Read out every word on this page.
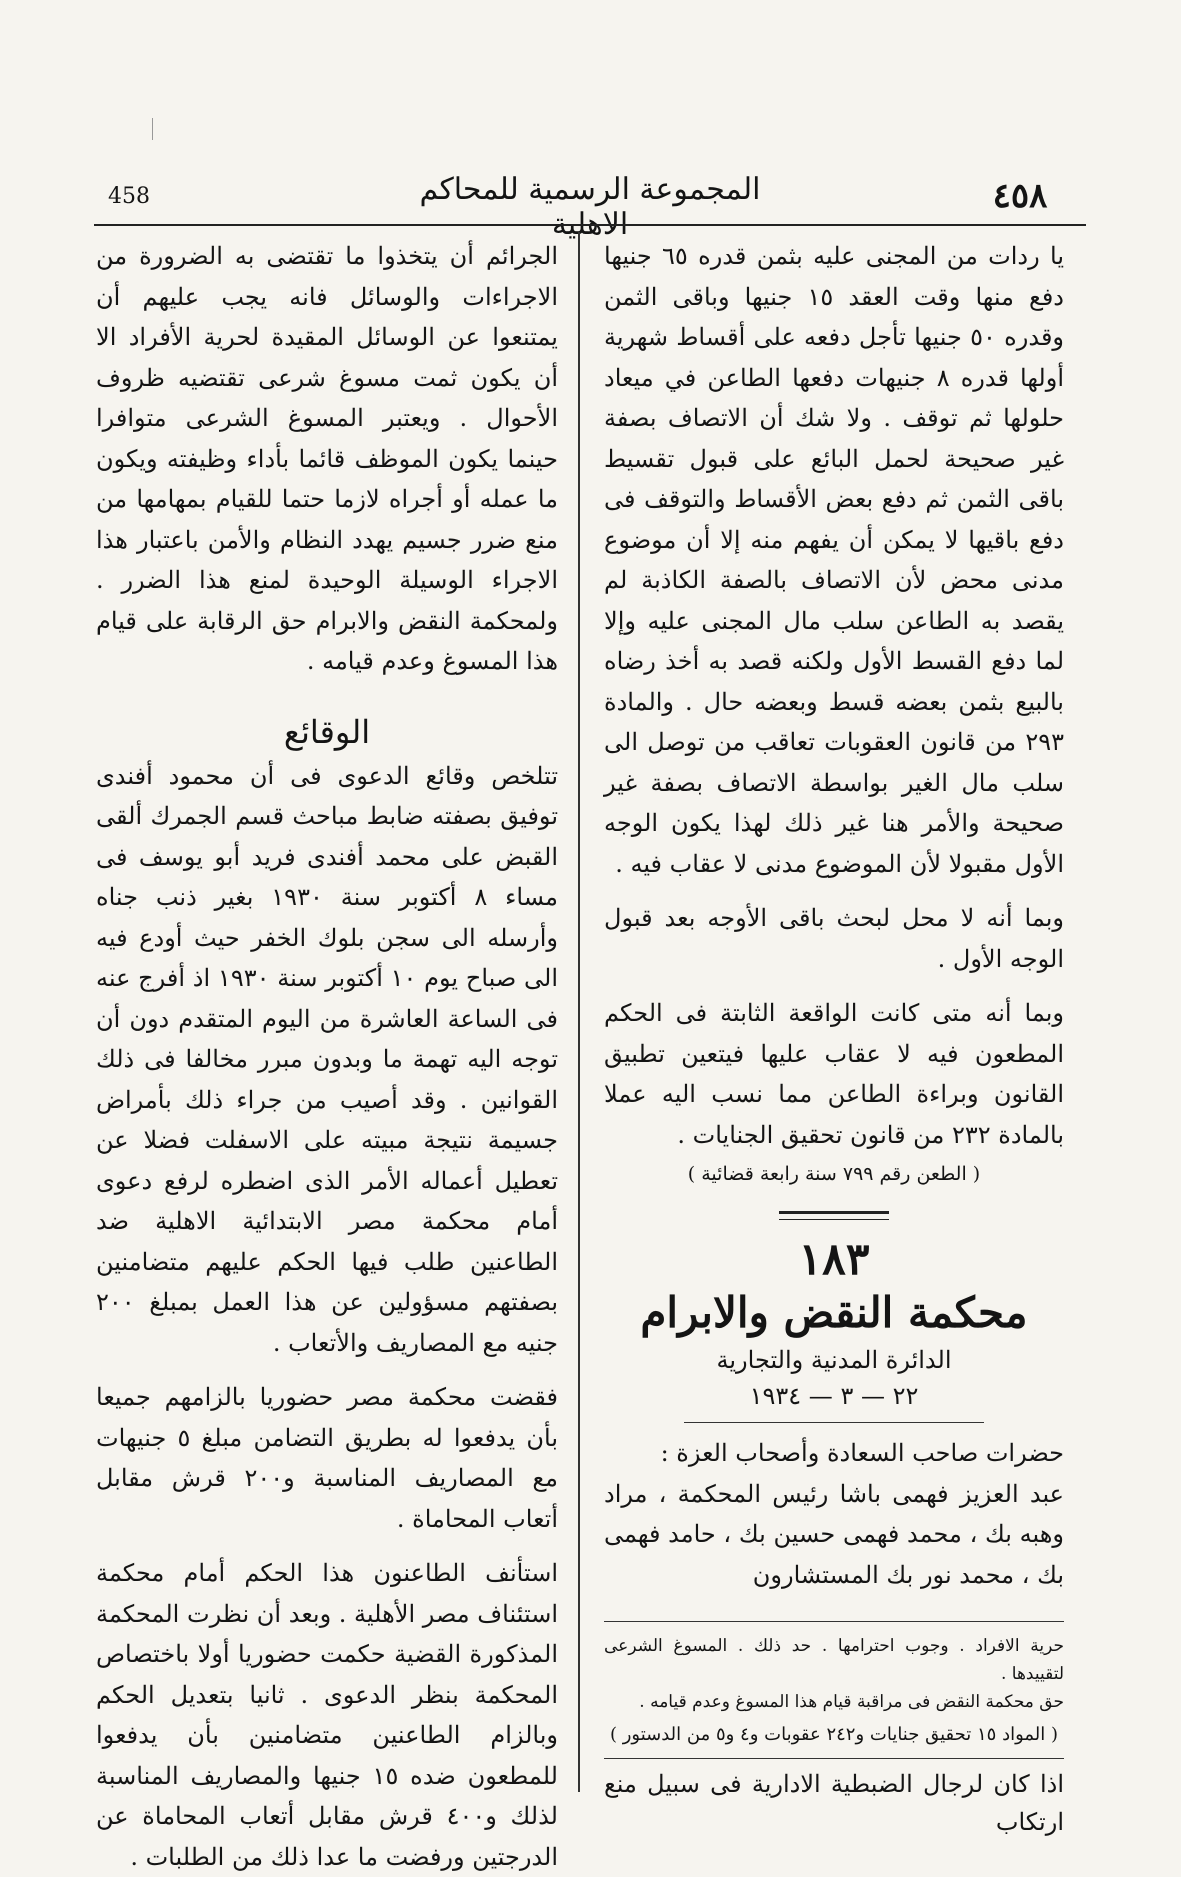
٤٥٨
المجموعة الرسمية للمحاكم الاهلية
458

يا ردات من المجنى عليه بثمن قدره ٦٥ جنيها دفع منها وقت العقد ١٥ جنيها وباقى الثمن وقدره ٥٠ جنيها تأجل دفعه على أقساط شهرية أولها قدره ٨ جنيهات دفعها الطاعن في ميعاد حلولها ثم توقف . ولا شك أن الاتصاف بصفة غير صحيحة لحمل البائع على قبول تقسيط باقى الثمن ثم دفع بعض الأقساط والتوقف فى دفع باقيها لا يمكن أن يفهم منه إلا أن موضوع مدنى محض لأن الاتصاف بالصفة الكاذبة لم يقصد به الطاعن سلب مال المجنى عليه وإلا لما دفع القسط الأول ولكنه قصد به أخذ رضاه بالبيع بثمن بعضه قسط وبعضه حال . والمادة ٢٩٣ من قانون العقوبات تعاقب من توصل الى سلب مال الغير بواسطة الاتصاف بصفة غير صحيحة والأمر هنا غير ذلك لهذا يكون الوجه الأول مقبولا لأن الموضوع مدنى لا عقاب فيه .

وبما أنه لا محل لبحث باقى الأوجه بعد قبول الوجه الأول .

وبما أنه متى كانت الواقعة الثابتة فى الحكم المطعون فيه لا عقاب عليها فيتعين تطبيق القانون وبراءة الطاعن مما نسب اليه عملا بالمادة ٢٣٢ من قانون تحقيق الجنايات .

( الطعن رقم ٧٩٩ سنة رابعة قضائية )

١٨٣

محكمة النقض والابرام

الدائرة المدنية والتجارية

٢٢ — ٣ — ١٩٣٤

حضرات صاحب السعادة وأصحاب العزة :

عبد العزيز فهمى باشا رئيس المحكمة ، مراد وهبه بك ، محمد فهمى حسين بك ، حامد فهمى بك ، محمد نور بك المستشارون

حرية الافراد . وجوب احترامها . حد ذلك . المسوغ الشرعى لتقييدها .

حق محكمة النقض فى مراقبة قيام هذا المسوغ وعدم قيامه .

( المواد ١٥ تحقيق جنايات و٢٤٢ عقوبات و٤ و٥ من الدستور )

اذا كان لرجال الضبطية الادارية فى سبيل منع ارتكاب

الجرائم أن يتخذوا ما تقتضى به الضرورة من الاجراءات والوسائل فانه يجب عليهم أن يمتنعوا عن الوسائل المقيدة لحرية الأفراد الا أن يكون ثمت مسوغ شرعى تقتضيه ظروف الأحوال . ويعتبر المسوغ الشرعى متوافرا حينما يكون الموظف قائما بأداء وظيفته ويكون ما عمله أو أجراه لازما حتما للقيام بمهامها من منع ضرر جسيم يهدد النظام والأمن باعتبار هذا الاجراء الوسيلة الوحيدة لمنع هذا الضرر . ولمحكمة النقض والابرام حق الرقابة على قيام هذا المسوغ وعدم قيامه .

الوقائع

تتلخص وقائع الدعوى فى أن محمود أفندى توفيق بصفته ضابط مباحث قسم الجمرك ألقى القبض على محمد أفندى فريد أبو يوسف فى مساء ٨ أكتوبر سنة ١٩٣٠ بغير ذنب جناه وأرسله الى سجن بلوك الخفر حيث أودع فيه الى صباح يوم ١٠ أكتوبر سنة ١٩٣٠ اذ أفرج عنه فى الساعة العاشرة من اليوم المتقدم دون أن توجه اليه تهمة ما وبدون مبرر مخالفا فى ذلك القوانين . وقد أصيب من جراء ذلك بأمراض جسيمة نتيجة مبيته على الاسفلت فضلا عن تعطيل أعماله الأمر الذى اضطره لرفع دعوى أمام محكمة مصر الابتدائية الاهلية ضد الطاعنين طلب فيها الحكم عليهم متضامنين بصفتهم مسؤولين عن هذا العمل بمبلغ ٢٠٠ جنيه مع المصاريف والأتعاب .

فقضت محكمة مصر حضوريا بالزامهم جميعا بأن يدفعوا له بطريق التضامن مبلغ ٥ جنيهات مع المصاريف المناسبة و٢٠٠ قرش مقابل أتعاب المحاماة .

استأنف الطاعنون هذا الحكم أمام محكمة استئناف مصر الأهلية . وبعد أن نظرت المحكمة المذكورة القضية حكمت حضوريا أولا باختصاص المحكمة بنظر الدعوى . ثانيا بتعديل الحكم وبالزام الطاعنين متضامنين بأن يدفعوا للمطعون ضده ١٥ جنيها والمصاريف المناسبة لذلك و٤٠٠ قرش مقابل أتعاب المحاماة عن الدرجتين ورفضت ما عدا ذلك من الطلبات .
